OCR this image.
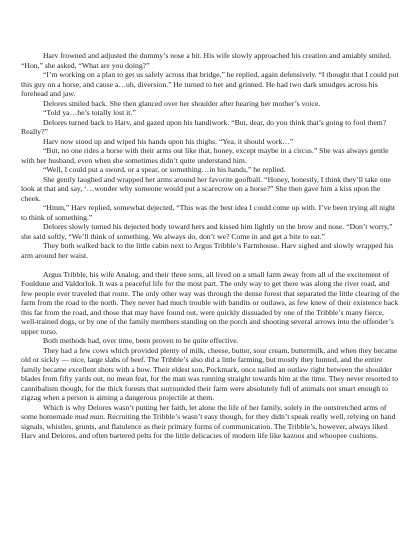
Harv frowned and adjusted the dummy’s nose a bit. His wife slowly approached his creation and amiably smiled. “Hon,” she asked, “What are you doing?”

“I’m working on a plan to get us safely across that bridge,” he replied, again defensively. “I thought that I could put this guy on a horse, and cause a…uh, diversion.” He turned to her and grinned. He had two dark smudges across his forehead and jaw.

Delores smiled back. She then glanced over her shoulder after hearing her mother’s voice.

“Told ya…he’s totally lost it.”

Delores turned back to Harv, and gazed upon his handiwork. “But, dear, do you think that’s going to fool them? Really?”

Harv now stood up and wiped his hands upon his thighs. “Yea, it should work…”

“But, no one rides a horse with their arms out like that, honey, except maybe in a circus.” She was always gentle with her husband, even when she sometimes didn’t quite understand him.

“Well, I could put a sword, or a spear, or something…in his hands,” he replied.

She gently laughed and wrapped her arms around her favorite goofball. “Honey, honestly, I think they’ll take one look at that and say, ‘…wonder why someone would put a scarecrow on a horse?” She then gave him a kiss upon the cheek.

“Hmm,” Harv replied, somewhat dejected, “This was the best idea I could come up with. I’ve been trying all night to think of something.”

Delores slowly turned his dejected body toward hers and kissed him lightly on the brow and nose. “Don’t worry,” she said softly, “We’ll think of something. We always do, don’t we? Come in and get a bite to eat.”

They both walked back to the little cabin next to Argus Tribble’s Farmhouse. Harv sighed and slowly wrapped his arm around her waist.

Argus Tribble, his wife Analog, and their three sons, all lived on a small farm away from all of the excitement of Fouldune and Valdorlok. It was a peaceful life for the most part. The only way to get there was along the river road, and few people ever traveled that route. The only other way was through the dense forest that separated the little clearing of the farm from the road to the north. They never had much trouble with bandits or outlaws, as few knew of their existence back this far from the road, and those that may have found out, were quickly dissuaded by one of the Tribble’s many fierce, well-trained dogs, or by one of the family members standing on the porch and shooting several arrows into the offender’s upper torso.

Both methods had, over time, been proven to be quite effective.

They had a few cows which provided plenty of milk, cheese, butter, sour cream, buttermilk, and when they became old or sickly — nice, large slabs of beef. The Tribble’s also did a little farming, but mostly they hunted, and the entire family became excellent shots with a bow. Their eldest son, Pockmark, once nailed an outlaw right between the shoulder blades from fifty yards out, no mean feat, for the man was running straight towards him at the time. They never resorted to cannibalism though, for the thick forests that surrounded their farm were absolutely full of animals not smart enough to zigzag when a person is aiming a dangerous projectile at them.

Which is why Delores wasn’t putting her faith, let alone the life of her family, solely in the outstretched arms of some homemade mud man. Recruiting the Tribble’s wasn’t easy though, for they didn’t speak really well, relying on hand signals, whistles, grunts, and flatulence as their primary forms of communication. The Tribble’s, however, always liked Harv and Delores, and often bartered pelts for the little delicacies of modern life like kazoos and whoopee cushions.
